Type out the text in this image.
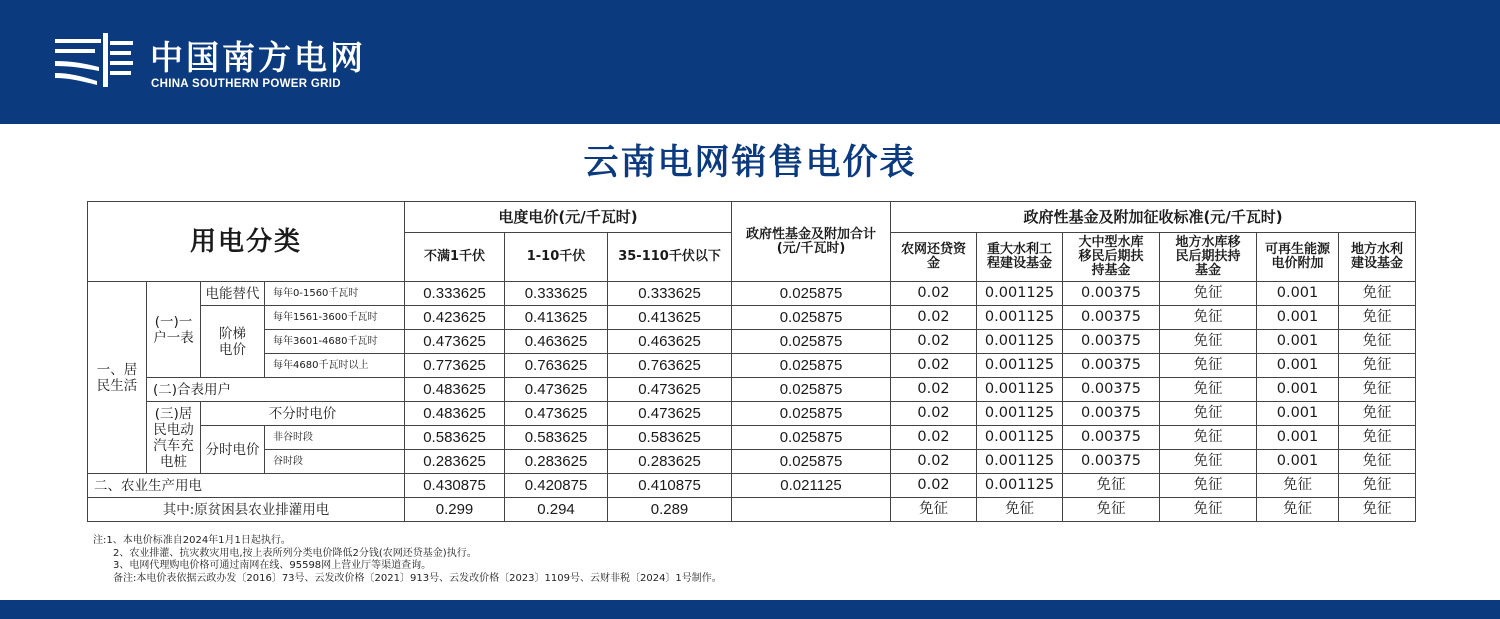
中国南方电网
CHINA SOUTHERN POWER GRID
云南电网销售电价表
用电分类				电度电价(元/千瓦时)			政府性基金及附加合计(元/千瓦时)	政府性基金及附加征收标准(元/千瓦时)					
				不满1千伏	1-10千伏	35-110千伏以下		农网还贷资金	重大水利工程建设基金	大中型水库移民后期扶持基金	地方水库移民后期扶持基金	可再生能源电价附加	地方水利建设基金
一、居民生活	(一)一户一表	电能替代	每年0-1560千瓦时	0.333625	0.333625	0.333625	0.025875	0.02	0.001125	0.00375	免征	0.001	免征
		阶梯电价	每年1561-3600千瓦时	0.423625	0.413625	0.413625	0.025875	0.02	0.001125	0.00375	免征	0.001	免征
			每年3601-4680千瓦时	0.473625	0.463625	0.463625	0.025875	0.02	0.001125	0.00375	免征	0.001	免征
			每年4680千瓦时以上	0.773625	0.763625	0.763625	0.025875	0.02	0.001125	0.00375	免征	0.001	免征
	(二)合表用户			0.483625	0.473625	0.473625	0.025875	0.02	0.001125	0.00375	免征	0.001	免征
	(三)居民电动汽车充电桩	不分时电价		0.483625	0.473625	0.473625	0.025875	0.02	0.001125	0.00375	免征	0.001	免征
		分时电价	非谷时段	0.583625	0.583625	0.583625	0.025875	0.02	0.001125	0.00375	免征	0.001	免征
			谷时段	0.283625	0.283625	0.283625	0.025875	0.02	0.001125	0.00375	免征	0.001	免征
二、农业生产用电				0.430875	0.420875	0.410875	0.021125	0.02	0.001125	免征	免征	免征	免征
其中:原贫困县农业排灌用电				0.299	0.294	0.289		免征	免征	免征	免征	免征	免征
注:1、本电价标准自2024年1月1日起执行。
2、农业排灌、抗灾救灾用电,按上表所列分类电价降低2分钱(农网还贷基金)执行。
3、电网代理购电价格可通过南网在线、95598网上营业厅等渠道查询。
备注:本电价表依据云政办发〔2016〕73号、云发改价格〔2021〕913号、云发改价格〔2023〕1109号、云财非税〔2024〕1号制作。
